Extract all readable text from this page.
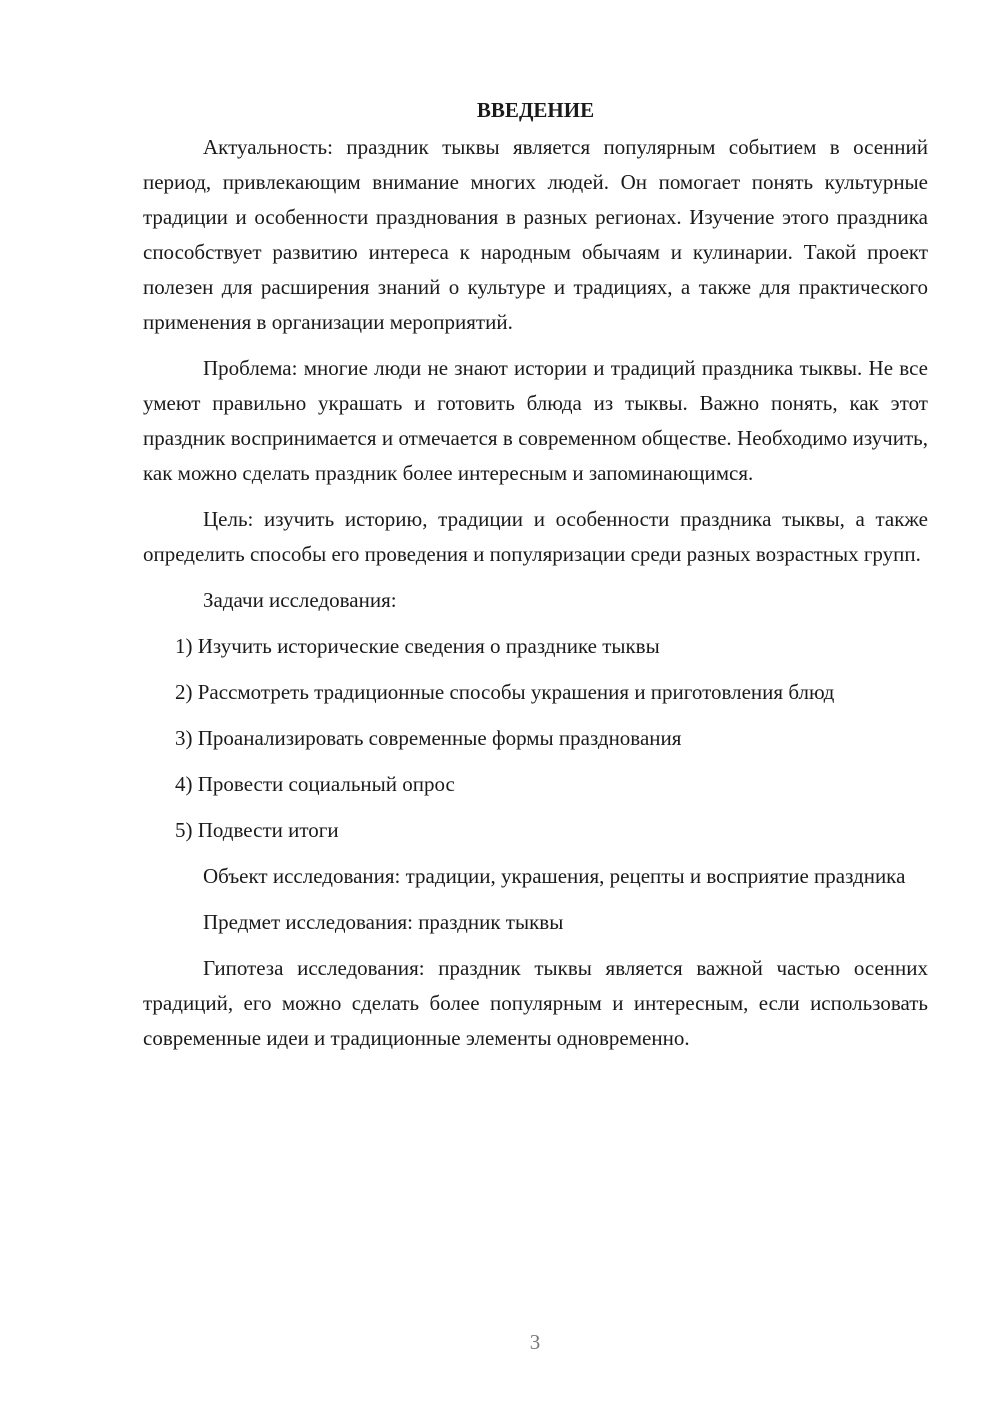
ВВЕДЕНИЕ

Актуальность: праздник тыквы является популярным событием в осенний период, привлекающим внимание многих людей. Он помогает понять культурные традиции и особенности празднования в разных регионах. Изучение этого праздника способствует развитию интереса к народным обычаям и кулинарии. Такой проект полезен для расширения знаний о культуре и традициях, а также для практического применения в организации мероприятий.

Проблема: многие люди не знают истории и традиций праздника тыквы. Не все умеют правильно украшать и готовить блюда из тыквы. Важно понять, как этот праздник воспринимается и отмечается в современном обществе. Необходимо изучить, как можно сделать праздник более интересным и запоминающимся.

Цель: изучить историю, традиции и особенности праздника тыквы, а также определить способы его проведения и популяризации среди разных возрастных групп.

Задачи исследования:

1) Изучить исторические сведения о празднике тыквы

2) Рассмотреть традиционные способы украшения и приготовления блюд

3) Проанализировать современные формы празднования

4) Провести социальный опрос

5) Подвести итоги

Объект исследования: традиции, украшения, рецепты и восприятие праздника

Предмет исследования: праздник тыквы

Гипотеза исследования: праздник тыквы является важной частью осенних традиций, его можно сделать более популярным и интересным, если использовать современные идеи и традиционные элементы одновременно.

3
